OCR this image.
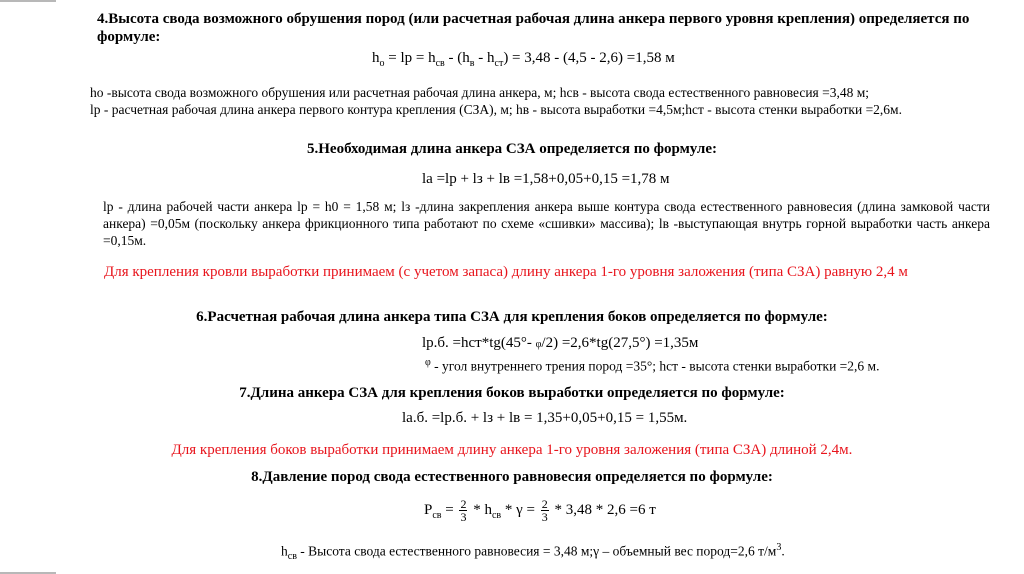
4.Высота свода возможного обрушения пород (или расчетная рабочая длина анкера первого уровня крепления) определяется по формуле:
$h_о$ = lp = $h_{св} - (h_в - h_{ст}) = 3,48 - (4,5 - 2,6) =1,58$ м
hо -высота свода возможного обрушения или расчетная рабочая длина анкера, м; hсв - высота свода естественного равновесия =3,48 м;
lp - расчетная рабочая длина анкера первого контура крепления (СЗА), м; hв - высота выработки =4,5м;hст - высота стенки выработки =2,6м.
5.Необходимая длина анкера СЗА определяется по формуле:
lа =lp + lз + lв =1,58+0,05+0,15 =1,78 м
lp - длина рабочей части анкера lp = h0 = 1,58 м; lз -длина закрепления анкера выше контура свода естественного равновесия (длина замковой части анкера) =0,05м (поскольку анкера фрикционного типа работают по схеме «сшивки» массива); lв -выступающая внутрь горной выработки часть анкера =0,15м.
Для крепления кровли выработки принимаем (с учетом запаса) длину анкера 1-го уровня заложения (типа СЗА) равную 2,4 м
6.Расчетная рабочая длина анкера типа СЗА для крепления боков определяется по формуле:
lp.б. =hст*tg(45°- φ/2) =2,6*tg(27,5°) =1,35м
$^\varphi$ - угол внутреннего трения пород =35°; hст - высота стенки выработки =2,6 м.
7.Длина анкера СЗА для крепления боков выработки определяется по формуле:
lа.б. =lp.б. + lз + lв = 1,35+0,05+0,15 = 1,55м.
Для крепления боков выработки принимаем длину анкера 1-го уровня заложения (типа СЗА) длиной 2,4м.
8.Давление пород свода естественного равновесия определяется по формуле:
$P_{св} = \frac{2}{3} * h_{св} * \gamma = \frac{2}{3} * 3,48 * 2,6 =6$ т
$h_{св}$ - Высота свода естественного равновесия = 3,48 м;γ – объемный вес пород=2,6 $т/м^3$.
